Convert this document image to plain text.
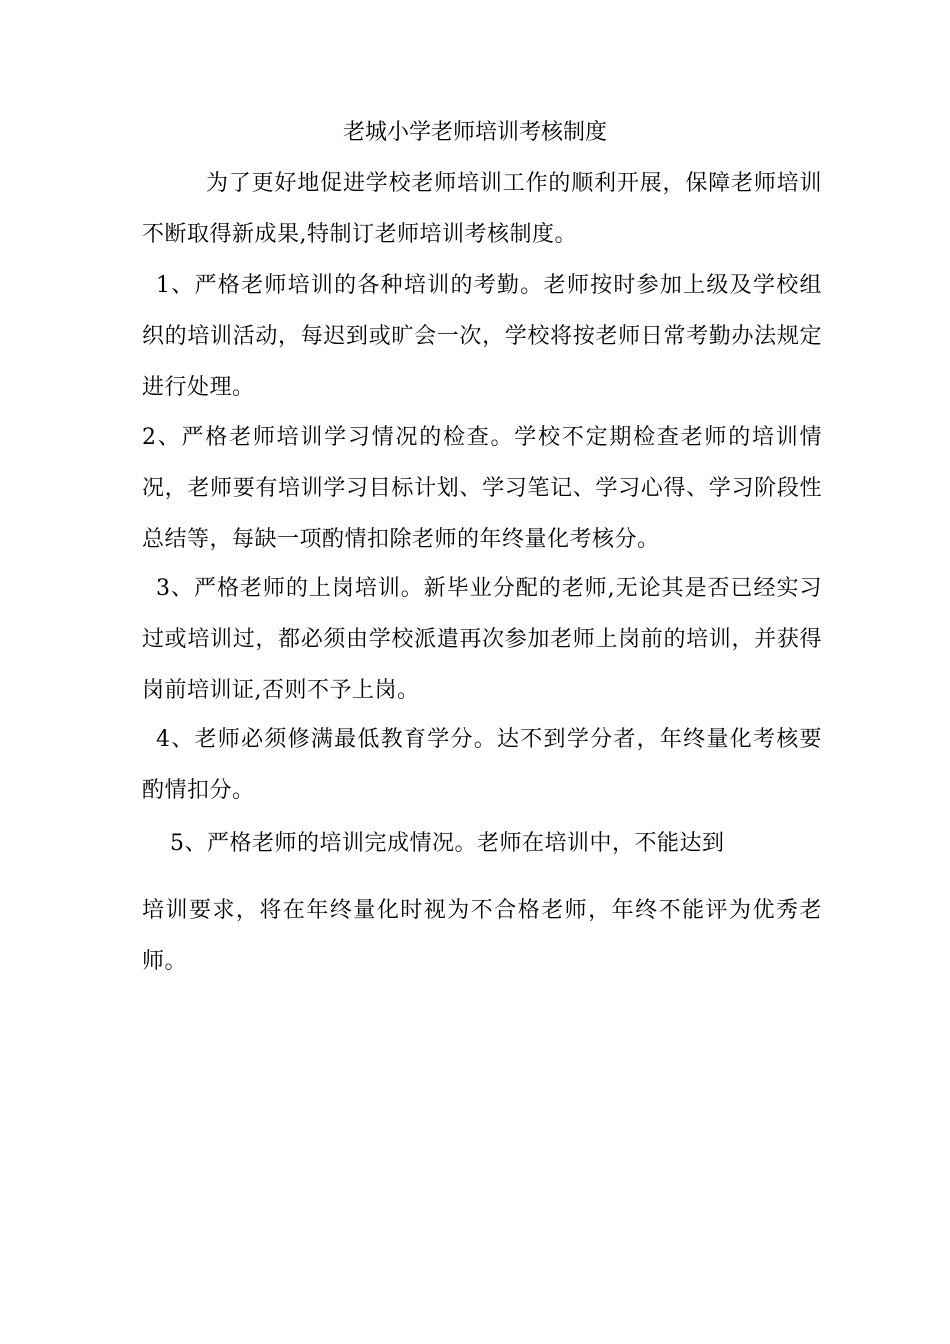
老城小学老师培训考核制度
为了更好地促进学校老师培训工作的顺利开展，保障老师培训不断取得新成果,特制订老师培训考核制度。
1、严格老师培训的各种培训的考勤。老师按时参加上级及学校组织的培训活动，每迟到或旷会一次，学校将按老师日常考勤办法规定进行处理。
2、严格老师培训学习情况的检查。学校不定期检查老师的培训情况，老师要有培训学习目标计划、学习笔记、学习心得、学习阶段性总结等，每缺一项酌情扣除老师的年终量化考核分。
3、严格老师的上岗培训。新毕业分配的老师,无论其是否已经实习过或培训过，都必须由学校派遣再次参加老师上岗前的培训，并获得岗前培训证,否则不予上岗。
4、老师必须修满最低教育学分。达不到学分者，年终量化考核要酌情扣分。
5、严格老师的培训完成情况。老师在培训中，不能达到
培训要求，将在年终量化时视为不合格老师，年终不能评为优秀老师。
